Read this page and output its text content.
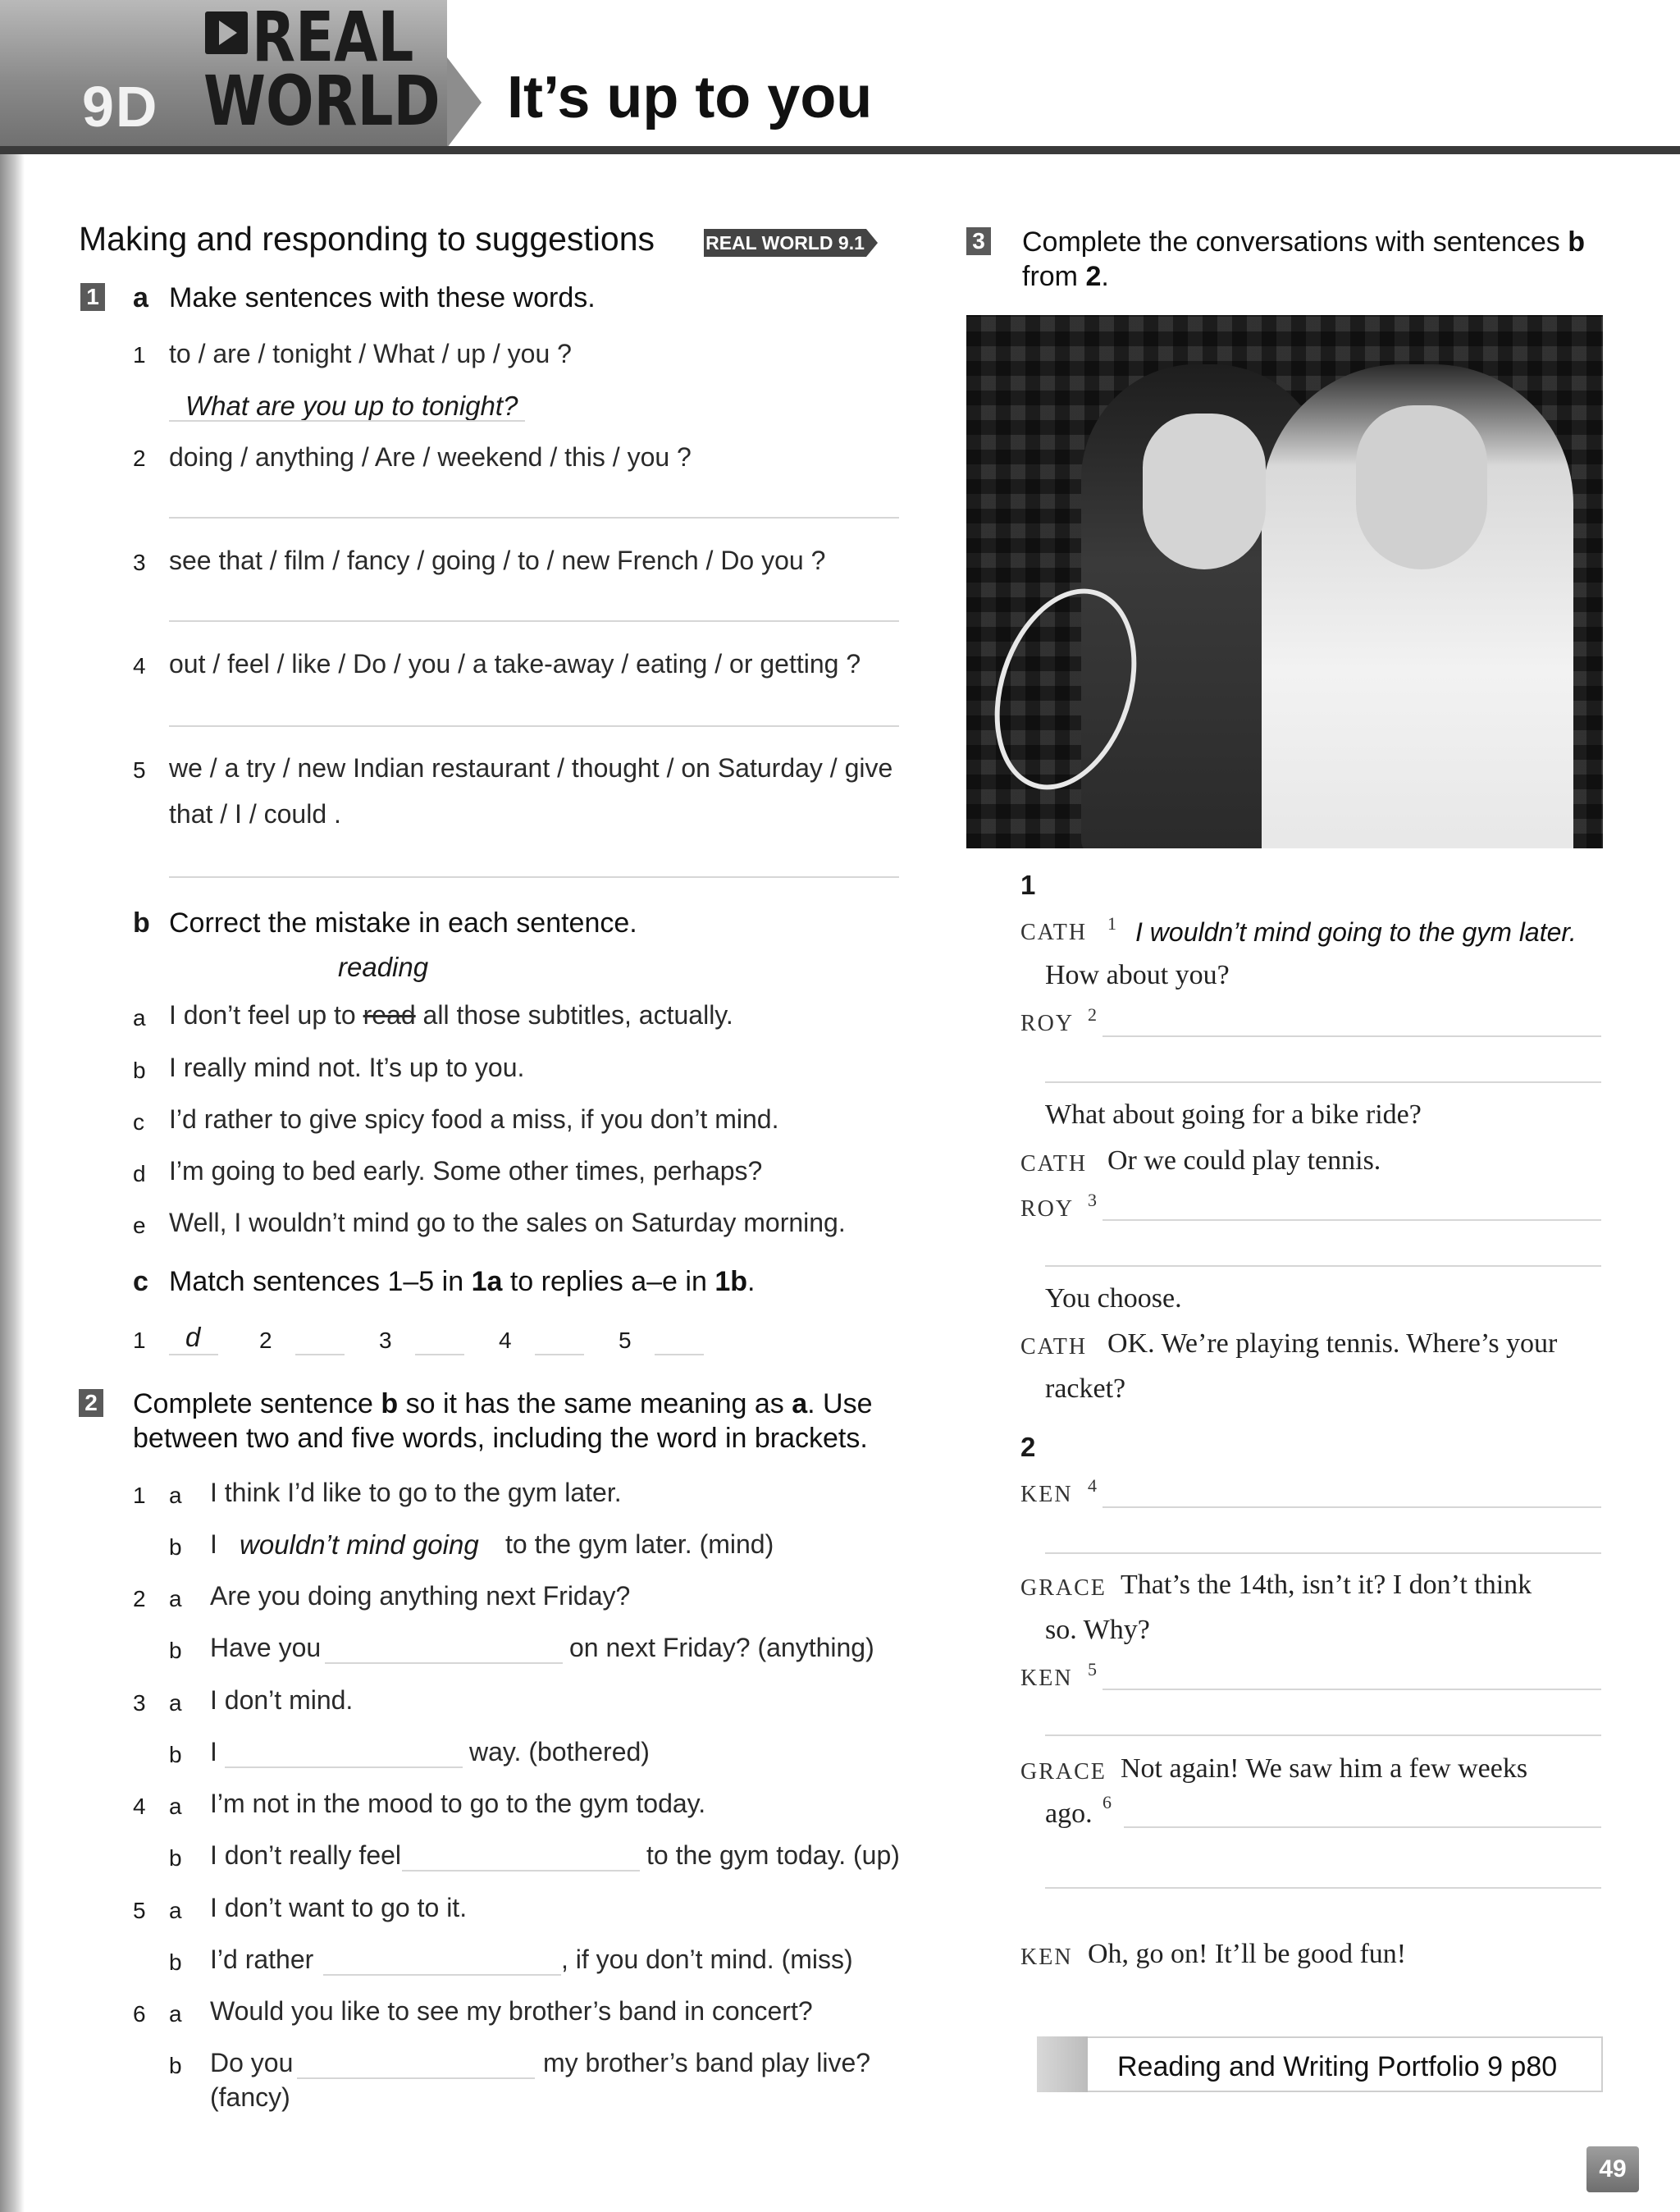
9D
REAL
WORLD It’s up to you
Making and responding to suggestions	REAL WORLD 9.1
1 a Make sentences with these words.
1 to / are / tonight / What / up / you ?
What are you up to tonight?
2 doing / anything / Are / weekend / this / you ?
3 see that / film / fancy / going / to / new French / Do you ?
4 out / feel / like / Do / you / a take-away / eating / or getting ?
5 we / a try / new Indian restaurant / thought / on Saturday / give
that / I / could .
b Correct the mistake in each sentence.
reading
a I don’t feel up to read all those subtitles, actually.
b I really mind not. It’s up to you.
c I’d rather to give spicy food a miss, if you don’t mind.
d I’m going to bed early. Some other times, perhaps?
e Well, I wouldn’t mind go to the sales on Saturday morning.
c Match sentences 1–5 in 1a to replies a–e in 1b.
1 d	2	3	4	5
2 Complete sentence b so it has the same meaning as a. Use
between two and five words, including the word in brackets.
1 a I think I’d like to go to the gym later.
b I wouldn’t mind going to the gym later. (mind)
2 a Are you doing anything next Friday?
b Have you	on next Friday? (anything)
3 a I don’t mind.
b I	way. (bothered)
4 a I’m not in the mood to go to the gym today.
b I don’t really feel	to the gym today. (up)
5 a I don’t want to go to it.
b I’d rather	, if you don’t mind. (miss)
6 a Would you like to see my brother’s band in concert?
b Do you	my brother’s band play live?
(fancy)
3 Complete the conversations with sentences b
from 2.
1
CATH 1 I wouldn’t mind going to the gym later.
How about you?
ROY 2
What about going for a bike ride?
CATH Or we could play tennis.
ROY 3
You choose.
CATH OK. We’re playing tennis. Where’s your
racket?
2
KEN 4
GRACE That’s the 14th, isn’t it? I don’t think
so. Why?
KEN 5
GRACE Not again! We saw him a few weeks
ago. 6
KEN Oh, go on! It’ll be good fun!
Reading and Writing Portfolio 9 p80
49
